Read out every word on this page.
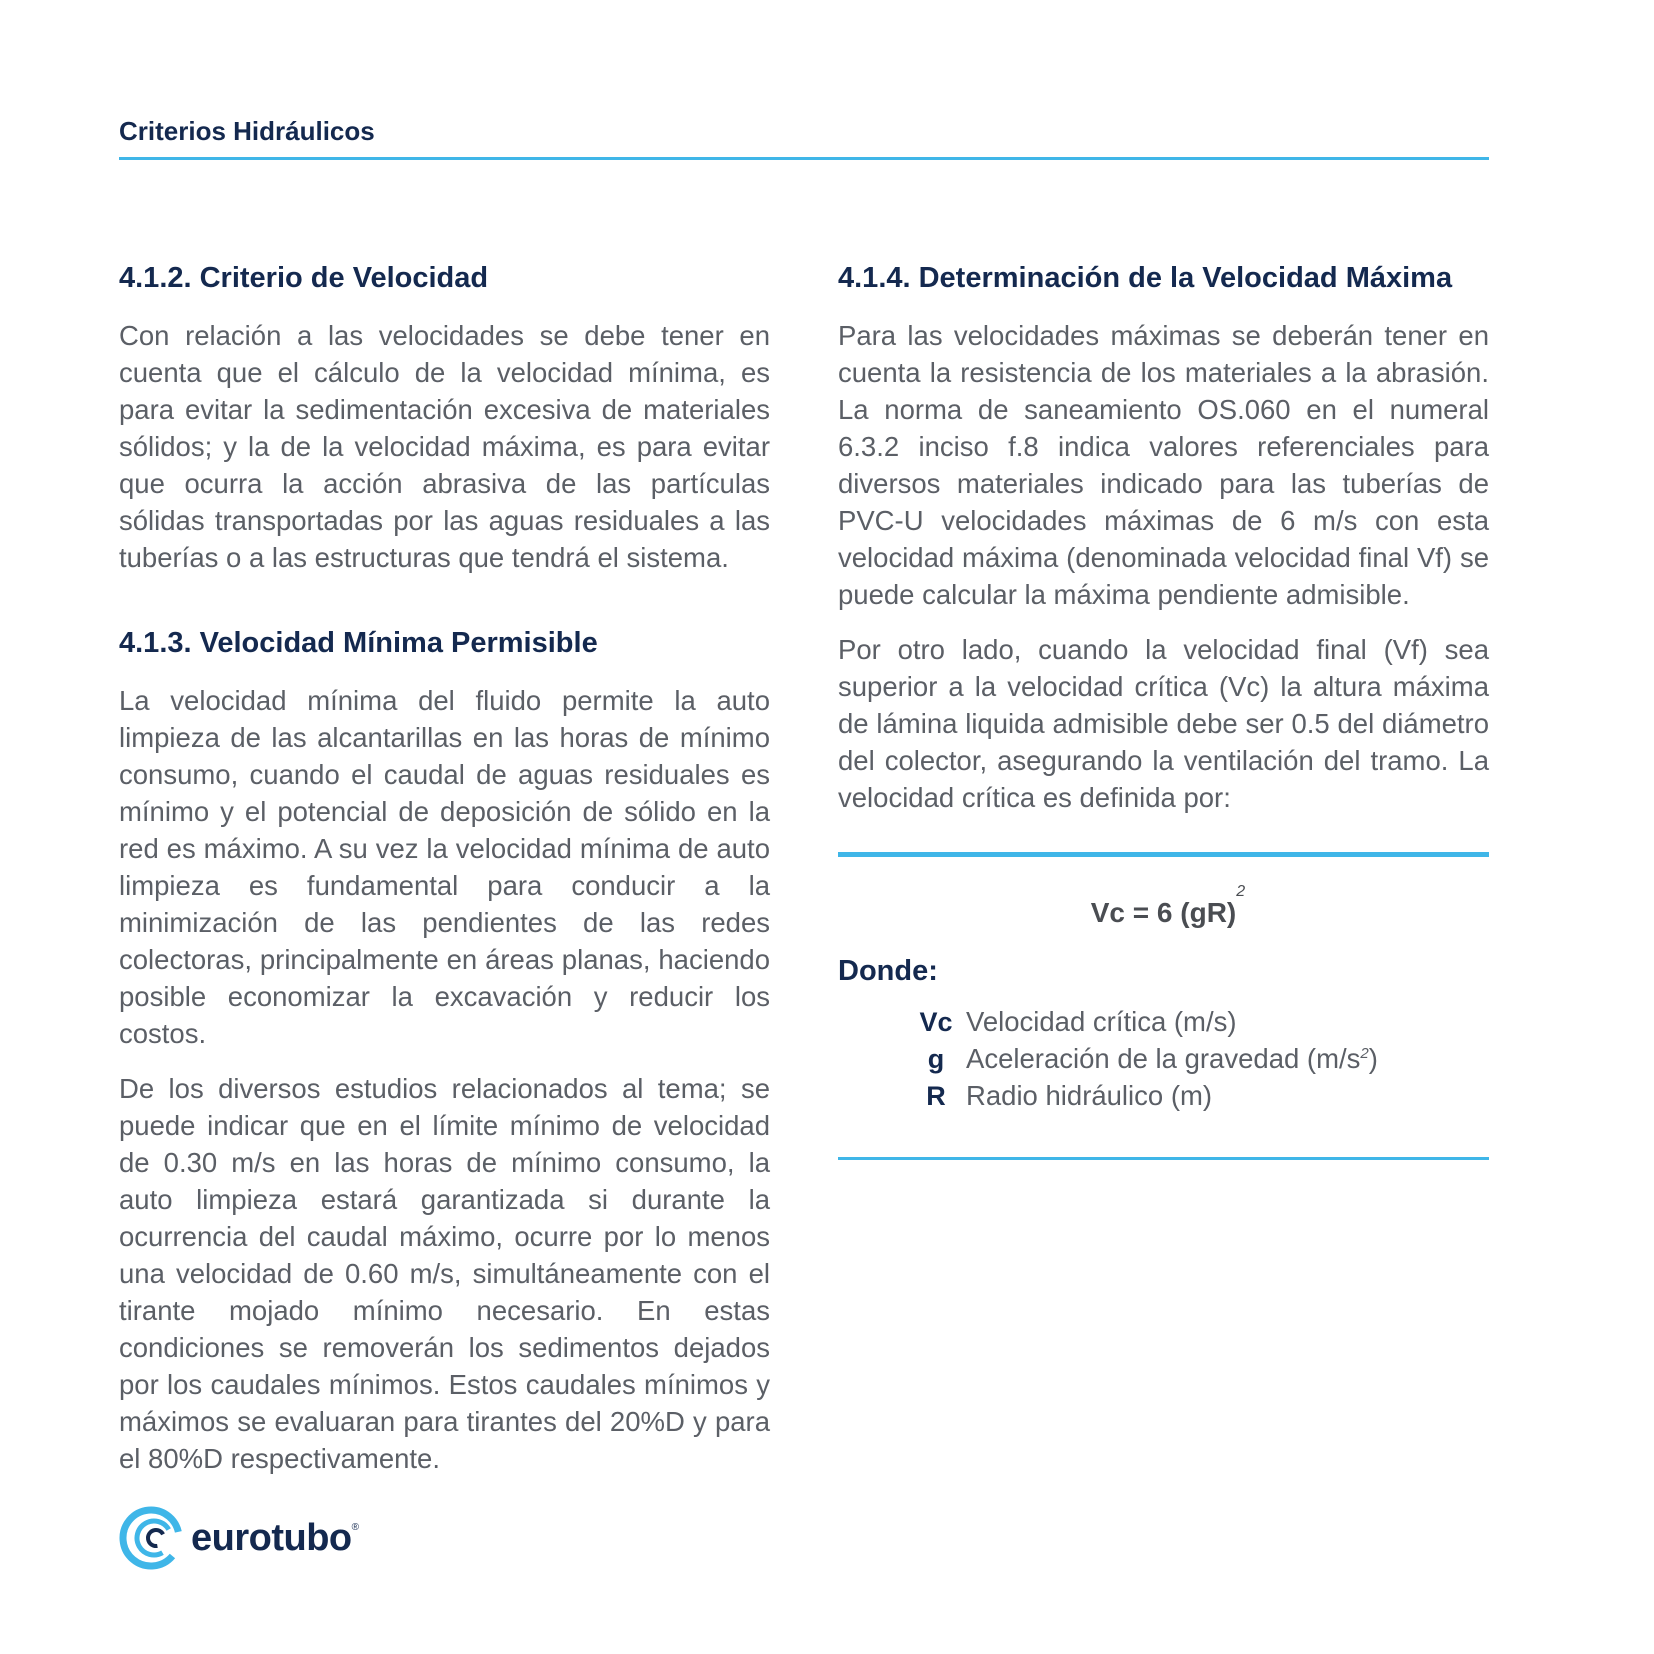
Criterios Hidráulicos
4.1.2. Criterio de Velocidad

Con relación a las velocidades se debe tener en cuenta que el cálculo de la velocidad mínima, es para evitar la sedimentación excesiva de materiales sólidos; y la de la velocidad máxima, es para evitar que ocurra la acción abrasiva de las partículas sólidas transportadas por las aguas residuales a las tuberías o a las estructuras que tendrá el sistema.

4.1.3. Velocidad Mínima Permisible

La velocidad mínima del fluido permite la auto limpieza de las alcantarillas en las horas de mínimo consumo, cuando el caudal de aguas residuales es mínimo y el potencial de deposición de sólido en la red es máximo. A su vez la velocidad mínima de auto limpieza es fundamental para conducir a la minimización de las pendientes de las redes colectoras, principalmente en áreas planas, haciendo posible economizar la excavación y reducir los costos.

De los diversos estudios relacionados al tema; se puede indicar que en el límite mínimo de velocidad de 0.30 m/s en las horas de mínimo consumo, la auto limpieza estará garantizada si durante la ocurrencia del caudal máximo, ocurre por lo menos una velocidad de 0.60 m/s, simultáneamente con el tirante mojado mínimo necesario. En estas condiciones se removerán los sedimentos dejados por los caudales mínimos. Estos caudales mínimos y máximos se evaluaran para tirantes del 20%D y para el 80%D respectivamente.

4.1.4. Determinación de la Velocidad Máxima

Para las velocidades máximas se deberán tener en cuenta la resistencia de los materiales a la abrasión. La norma de saneamiento OS.060 en el numeral 6.3.2 inciso f.8 indica valores referenciales para diversos materiales indicado para las tuberías de PVC-U velocidades máximas de 6 m/s con esta velocidad máxima (denominada velocidad final Vf) se puede calcular la máxima pendiente admisible.

Por otro lado, cuando la velocidad final (Vf) sea superior a la velocidad crítica (Vc) la altura máxima de lámina liquida admisible debe ser 0.5 del diámetro del colector, asegurando la ventilación del tramo. La velocidad crítica es definida por:

Vc = 6 (gR)
2
Donde:
Vc Velocidad crítica (m/s)
g Aceleración de la gravedad $(m/s^2)$
R Radio hidráulico (m)
eurotubo ®
